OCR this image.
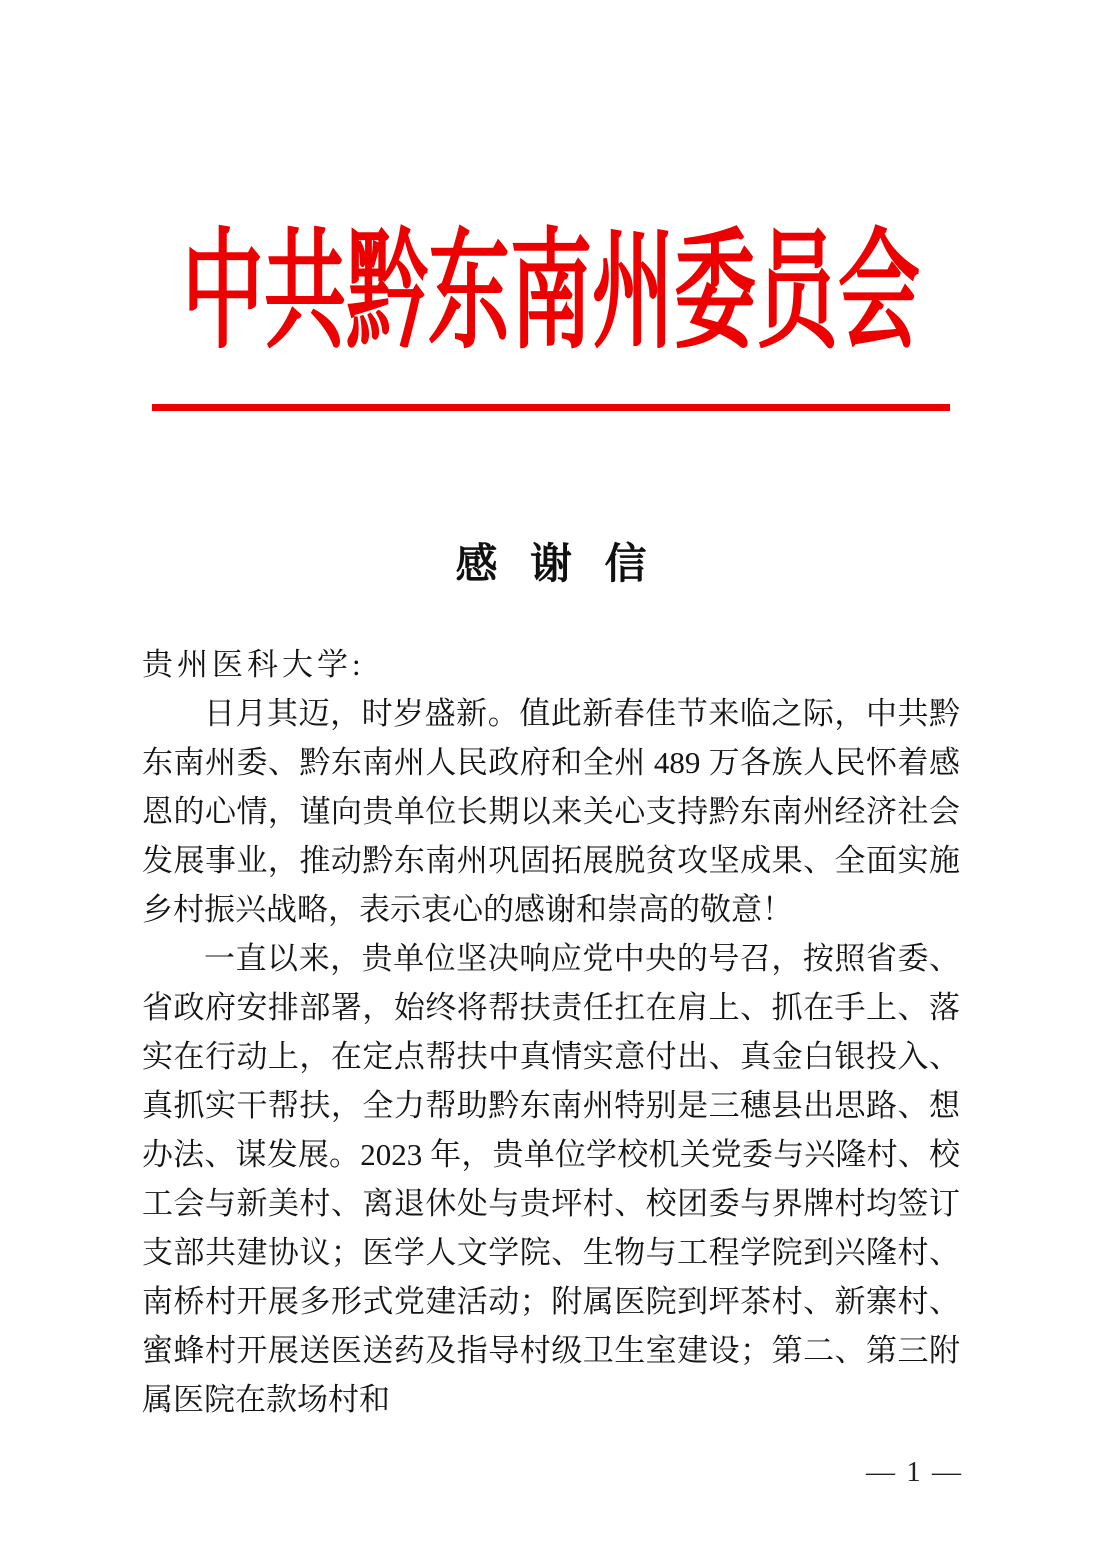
中共黔东南州委员会
感 谢 信

贵州医科大学:

日月其迈，时岁盛新。值此新春佳节来临之际，中共黔东南州委、黔东南州人民政府和全州 489 万各族人民怀着感恩的心情，谨向贵单位长期以来关心支持黔东南州经济社会发展事业，推动黔东南州巩固拓展脱贫攻坚成果、全面实施乡村振兴战略，表示衷心的感谢和崇高的敬意！

一直以来，贵单位坚决响应党中央的号召，按照省委、省政府安排部署，始终将帮扶责任扛在肩上、抓在手上、落实在行动上，在定点帮扶中真情实意付出、真金白银投入、真抓实干帮扶，全力帮助黔东南州特别是三穗县出思路、想办法、谋发展。2023 年，贵单位学校机关党委与兴隆村、校工会与新美村、离退休处与贵坪村、校团委与界牌村均签订支部共建协议；医学人文学院、生物与工程学院到兴隆村、南桥村开展多形式党建活动；附属医院到坪茶村、新寨村、蜜蜂村开展送医送药及指导村级卫生室建设；第二、第三附属医院在款场村和

— 1 —
